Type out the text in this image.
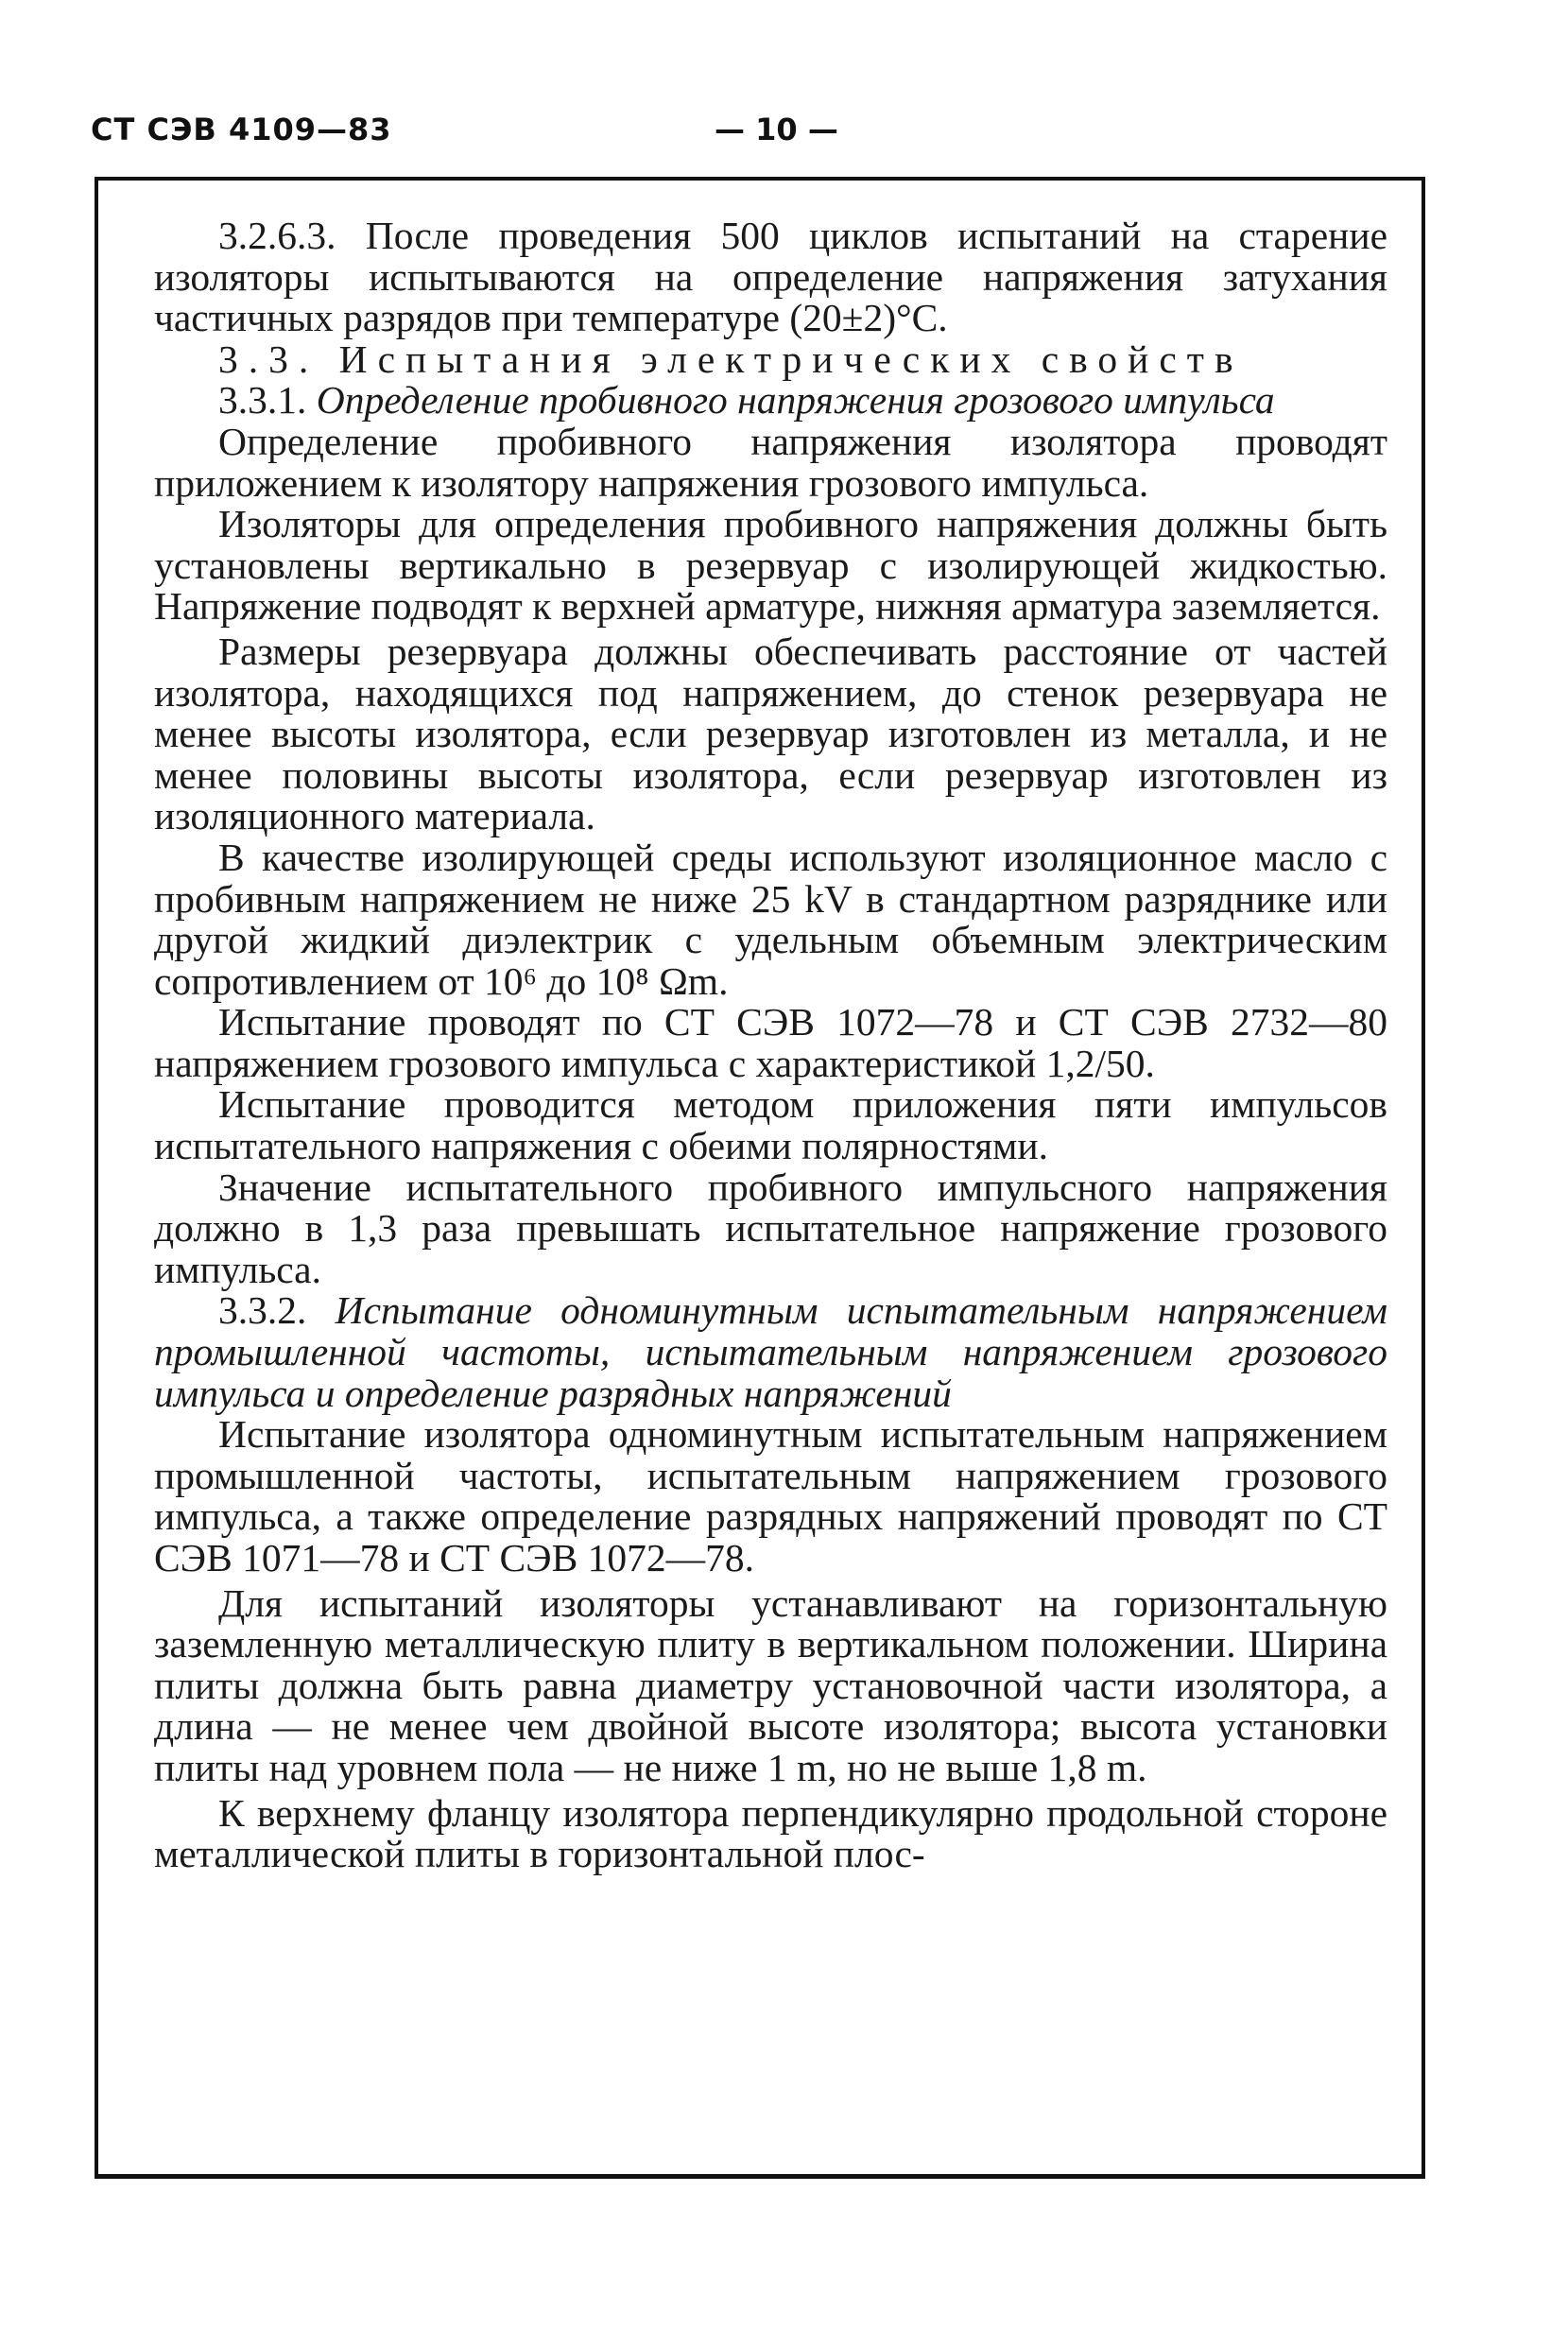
СТ СЭВ 4109—83	— 10 —

3.2.6.3. После проведения 500 циклов испытаний на старение изоляторы испытываются на определение напряжения затухания частичных разрядов при температуре (20±2)°С.

3.3. Испытания электрических свойств

3.3.1. Определение пробивного напряжения грозового импульса

Определение пробивного напряжения изолятора проводят приложением к изолятору напряжения грозового импульса.

Изоляторы для определения пробивного напряжения должны быть установлены вертикально в резервуар с изолирующей жидкостью. Напряжение подводят к верхней арматуре, нижняя арматура заземляется.

Размеры резервуара должны обеспечивать расстояние от частей изолятора, находящихся под напряжением, до стенок резервуара не менее высоты изолятора, если резервуар изготовлен из металла, и не менее половины высоты изолятора, если резервуар изготовлен из изоляционного материала.

В качестве изолирующей среды используют изоляционное масло с пробивным напряжением не ниже 25 kV в стандартном разряднике или другой жидкий диэлектрик с удельным объемным электрическим сопротивлением от 10⁶ до 10⁸ Ωm.

Испытание проводят по СТ СЭВ 1072—78 и СТ СЭВ 2732—80 напряжением грозового импульса с характеристикой 1,2/50.

Испытание проводится методом приложения пяти импульсов испытательного напряжения с обеими полярностями.

Значение испытательного пробивного импульсного напряжения должно в 1,3 раза превышать испытательное напряжение грозового импульса.

3.3.2. Испытание одноминутным испытательным напряжением промышленной частоты, испытательным напряжением грозового импульса и определение разрядных напряжений

Испытание изолятора одноминутным испытательным напряжением промышленной частоты, испытательным напряжением грозового импульса, а также определение разрядных напряжений проводят по СТ СЭВ 1071—78 и СТ СЭВ 1072—78.

Для испытаний изоляторы устанавливают на горизонтальную заземленную металлическую плиту в вертикальном положении. Ширина плиты должна быть равна диаметру установочной части изолятора, а длина — не менее чем двойной высоте изолятора; высота установки плиты над уровнем пола — не ниже 1 m, но не выше 1,8 m.

К верхнему фланцу изолятора перпендикулярно продольной стороне металлической плиты в горизонтальной плос-
